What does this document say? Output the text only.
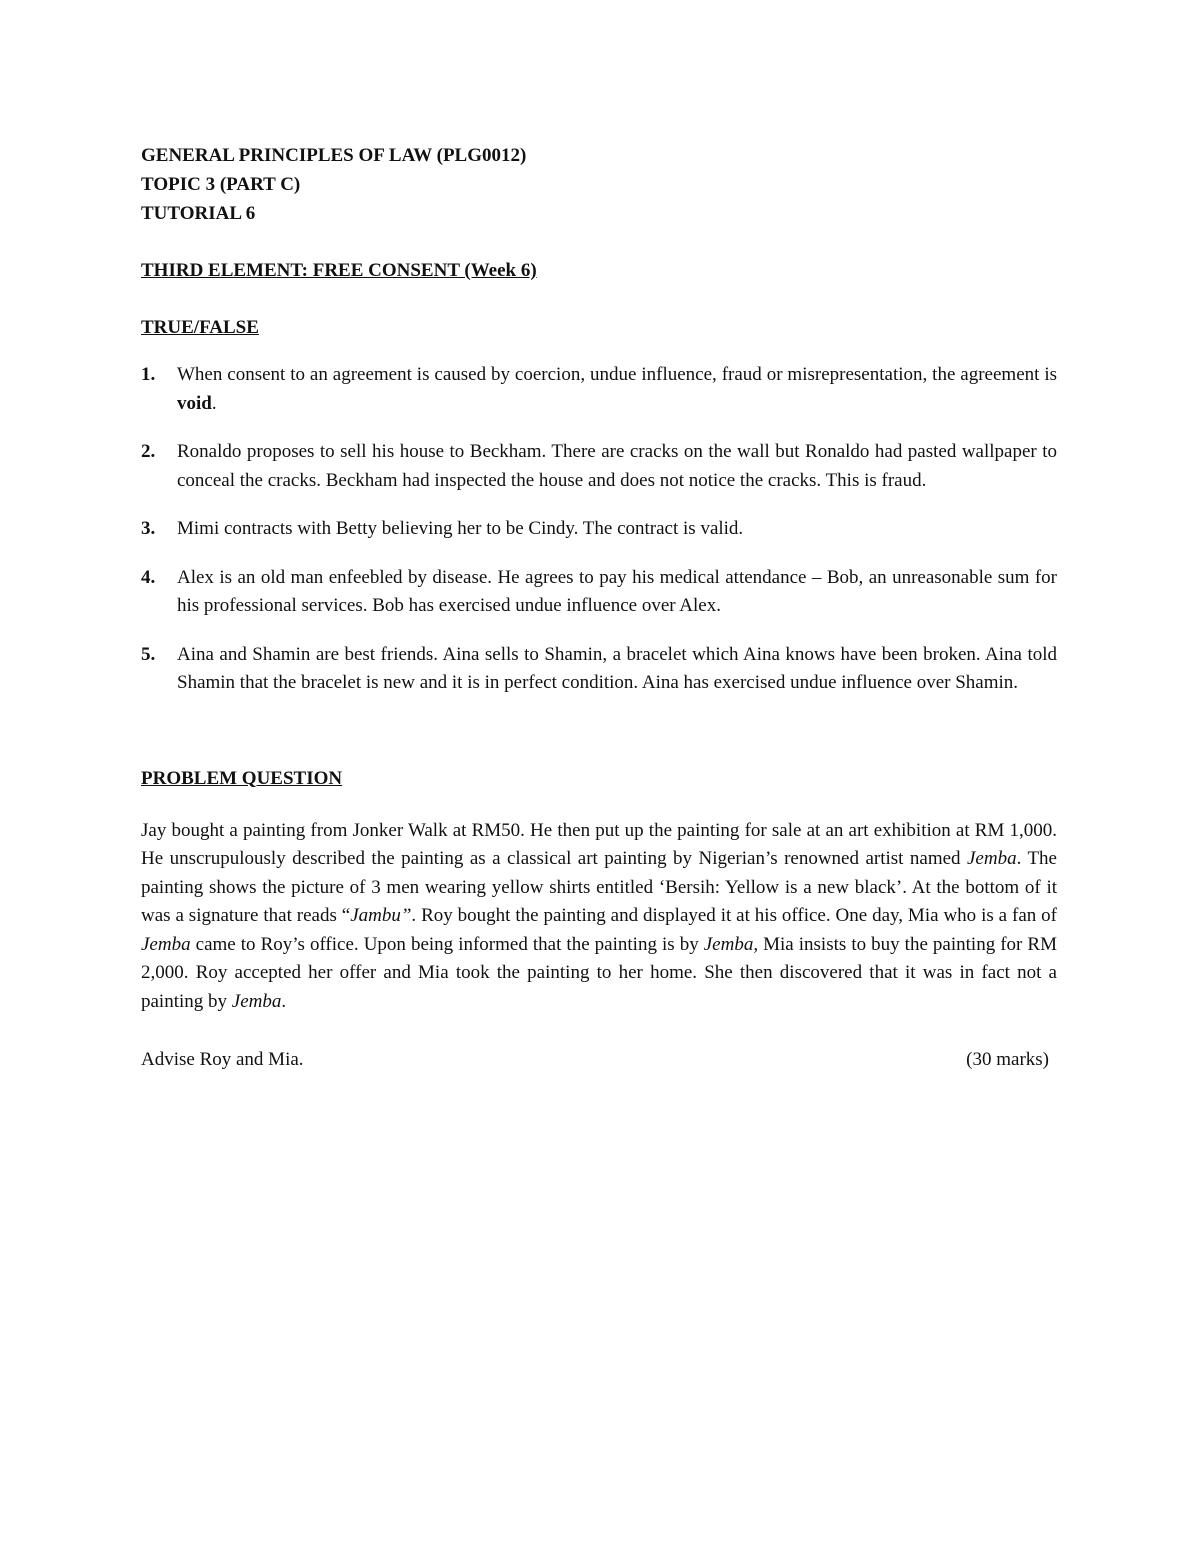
GENERAL PRINCIPLES OF LAW (PLG0012)
TOPIC 3 (PART C)
TUTORIAL 6
THIRD ELEMENT: FREE CONSENT (Week 6)
TRUE/FALSE
1. When consent to an agreement is caused by coercion, undue influence, fraud or misrepresentation, the agreement is void.
2. Ronaldo proposes to sell his house to Beckham. There are cracks on the wall but Ronaldo had pasted wallpaper to conceal the cracks. Beckham had inspected the house and does not notice the cracks. This is fraud.
3. Mimi contracts with Betty believing her to be Cindy. The contract is valid.
4. Alex is an old man enfeebled by disease. He agrees to pay his medical attendance – Bob, an unreasonable sum for his professional services. Bob has exercised undue influence over Alex.
5. Aina and Shamin are best friends. Aina sells to Shamin, a bracelet which Aina knows have been broken. Aina told Shamin that the bracelet is new and it is in perfect condition. Aina has exercised undue influence over Shamin.
PROBLEM QUESTION
Jay bought a painting from Jonker Walk at RM50. He then put up the painting for sale at an art exhibition at RM 1,000. He unscrupulously described the painting as a classical art painting by Nigerian’s renowned artist named Jemba. The painting shows the picture of 3 men wearing yellow shirts entitled ‘Bersih: Yellow is a new black’. At the bottom of it was a signature that reads “Jambu”. Roy bought the painting and displayed it at his office. One day, Mia who is a fan of Jemba came to Roy’s office. Upon being informed that the painting is by Jemba, Mia insists to buy the painting for RM 2,000. Roy accepted her offer and Mia took the painting to her home. She then discovered that it was in fact not a painting by Jemba.
Advise Roy and Mia.	(30 marks)
